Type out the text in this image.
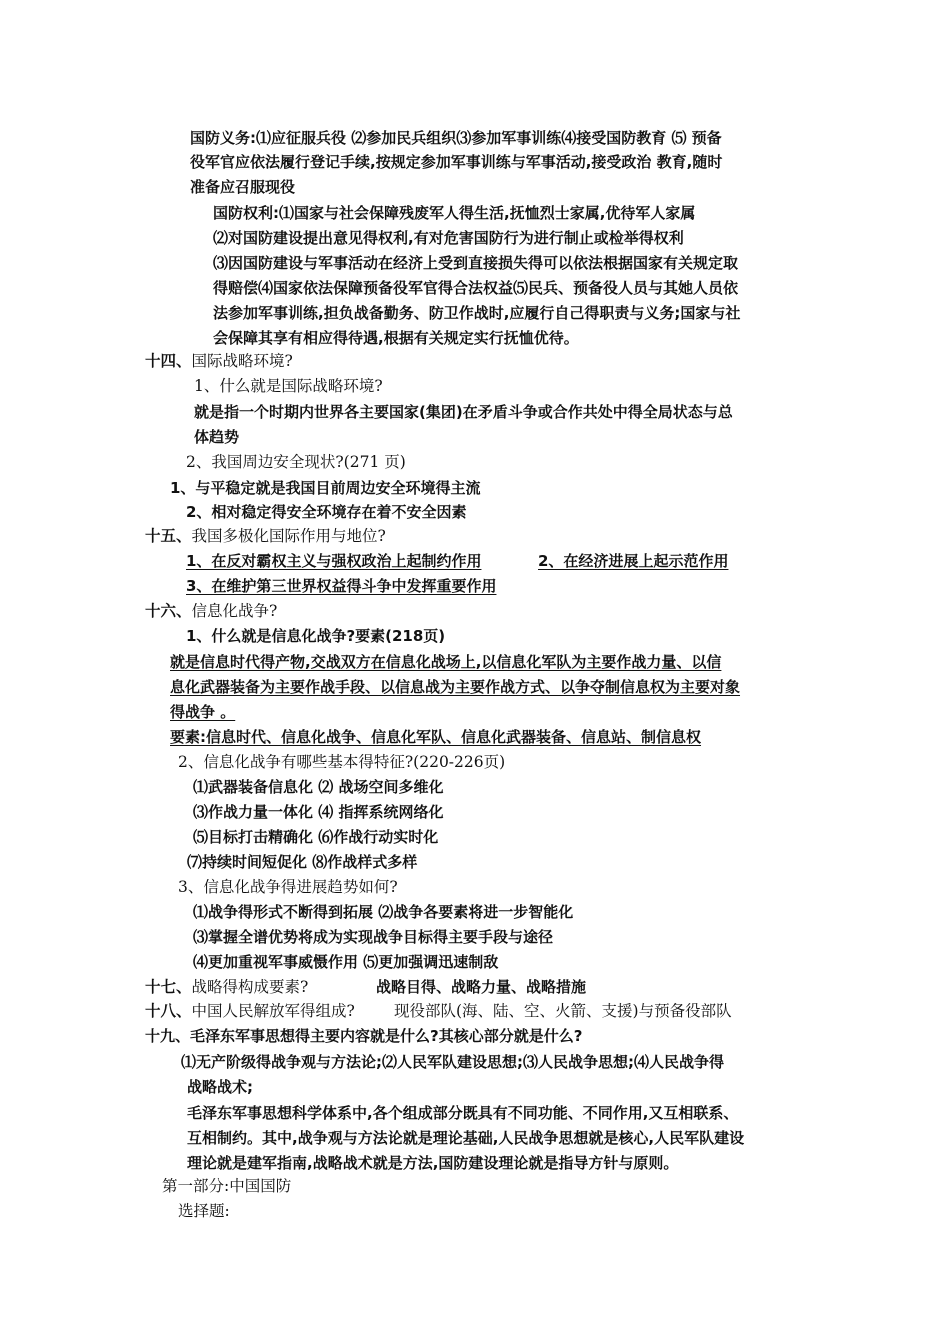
国防义务:⑴应征服兵役 ⑵参加民兵组织⑶参加军事训练⑷接受国防教育 ⑸ 预备
役军官应依法履行登记手续,按规定参加军事训练与军事活动,接受政治 教育,随时
准备应召服现役
国防权利:⑴国家与社会保障残废军人得生活,抚恤烈士家属,优待军人家属
⑵对国防建设提出意见得权利,有对危害国防行为进行制止或检举得权利
⑶因国防建设与军事活动在经济上受到直接损失得可以依法根据国家有关规定取
得赔偿⑷国家依法保障预备役军官得合法权益⑸民兵、预备役人员与其她人员依
法参加军事训练,担负战备勤务、防卫作战时,应履行自己得职责与义务;国家与社
会保障其享有相应得待遇,根据有关规定实行抚恤优待。
十四、国际战略环境?
1、什么就是国际战略环境?
就是指一个时期内世界各主要国家(集团)在矛盾斗争或合作共处中得全局状态与总
体趋势
2、我国周边安全现状?(271 页)
1、与平稳定就是我国目前周边安全环境得主流
2、相对稳定得安全环境存在着不安全因素
十五、我国多极化国际作用与地位?
1、在反对霸权主义与强权政治上起制约作用	2、在经济进展上起示范作用
3、在维护第三世界权益得斗争中发挥重要作用
十六、信息化战争?
1、什么就是信息化战争?要素(218页)
就是信息时代得产物,交战双方在信息化战场上,以信息化军队为主要作战力量、以信
息化武器装备为主要作战手段、以信息战为主要作战方式、以争夺制信息权为主要对象
得战争 。
要素:信息时代、信息化战争、信息化军队、信息化武器装备、信息站、制信息权
2、信息化战争有哪些基本得特征?(220-226页)
⑴武器装备信息化 ⑵ 战场空间多维化
⑶作战力量一体化 ⑷ 指挥系统网络化
⑸目标打击精确化 ⑹作战行动实时化
⑺持续时间短促化 ⑻作战样式多样
3、信息化战争得进展趋势如何?
⑴战争得形式不断得到拓展 ⑵战争各要素将进一步智能化
⑶掌握全谱优势将成为实现战争目标得主要手段与途径
⑷更加重视军事威慑作用 ⑸更加强调迅速制敌
十七、战略得构成要素?	战略目得、战略力量、战略措施
十八、中国人民解放军得组成?	现役部队(海、陆、空、火箭、支援)与预备役部队
十九、毛泽东军事思想得主要内容就是什么?其核心部分就是什么?
⑴无产阶级得战争观与方法论;⑵人民军队建设思想;⑶人民战争思想;⑷人民战争得
战略战术;
毛泽东军事思想科学体系中,各个组成部分既具有不同功能、不同作用,又互相联系、
互相制约。其中,战争观与方法论就是理论基础,人民战争思想就是核心,人民军队建设
理论就是建军指南,战略战术就是方法,国防建设理论就是指导方针与原则。
第一部分:中国国防
选择题:
